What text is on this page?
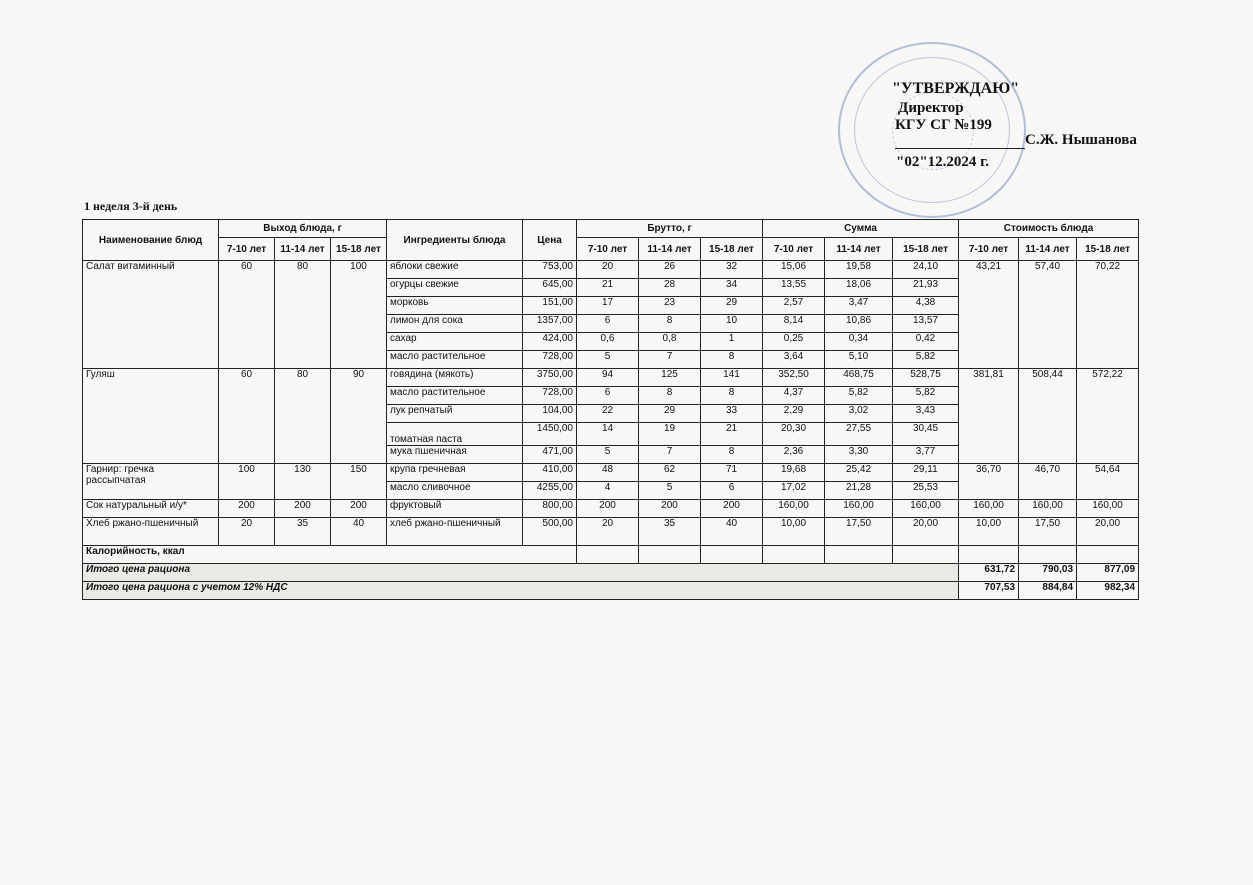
"УТВЕРЖДАЮ"
Директор
КГУ СГ №199
С.Ж. Нышанова
"02"12.2024 г.
1 неделя 3-й день
Наименование блюд	Выход блюда, г			Ингредиенты блюда	Цена	Брутто, г			Сумма			Стоимость блюда		
	7-10 лет	11-14 лет	15-18 лет			7-10 лет	11-14 лет	15-18 лет	7-10 лет	11-14 лет	15-18 лет	7-10 лет	11-14 лет	15-18 лет
Салат витаминный	60	80	100	яблоки свежие	753,00	20	26	32	15,06	19,58	24,10	43,21	57,40	70,22
				огурцы свежие	645,00	21	28	34	13,55	18,06	21,93			
				морковь	151,00	17	23	29	2,57	3,47	4,38			
				лимон для сока	1357,00	6	8	10	8,14	10,86	13,57			
				сахар	424,00	0,6	0,8	1	0,25	0,34	0,42			
				масло растительное	728,00	5	7	8	3,64	5,10	5,82			
Гуляш	60	80	90	говядина (мякоть)	3750,00	94	125	141	352,50	468,75	528,75	381,81	508,44	572,22
				масло растительное	728,00	6	8	8	4,37	5,82	5,82			
				лук репчатый	104,00	22	29	33	2,29	3,02	3,43			
				томатная паста	1450,00	14	19	21	20,30	27,55	30,45			
				мука пшеничная	471,00	5	7	8	2,36	3,30	3,77			
Гарнир: гречка рассыпчатая	100	130	150	крупа гречневая	410,00	48	62	71	19,68	25,42	29,11	36,70	46,70	54,64
				масло сливочное	4255,00	4	5	6	17,02	21,28	25,53			
Сок натуральный и/у*	200	200	200	фруктовый	800,00	200	200	200	160,00	160,00	160,00	160,00	160,00	160,00
Хлеб ржано-пшеничный	20	35	40	хлеб ржано-пшеничный	500,00	20	35	40	10,00	17,50	20,00	10,00	17,50	20,00
Калорийность, ккал														
Итого цена рациона												631,72	790,03	877,09
Итого цена рациона с учетом 12% НДС												707,53	884,84	982,34
